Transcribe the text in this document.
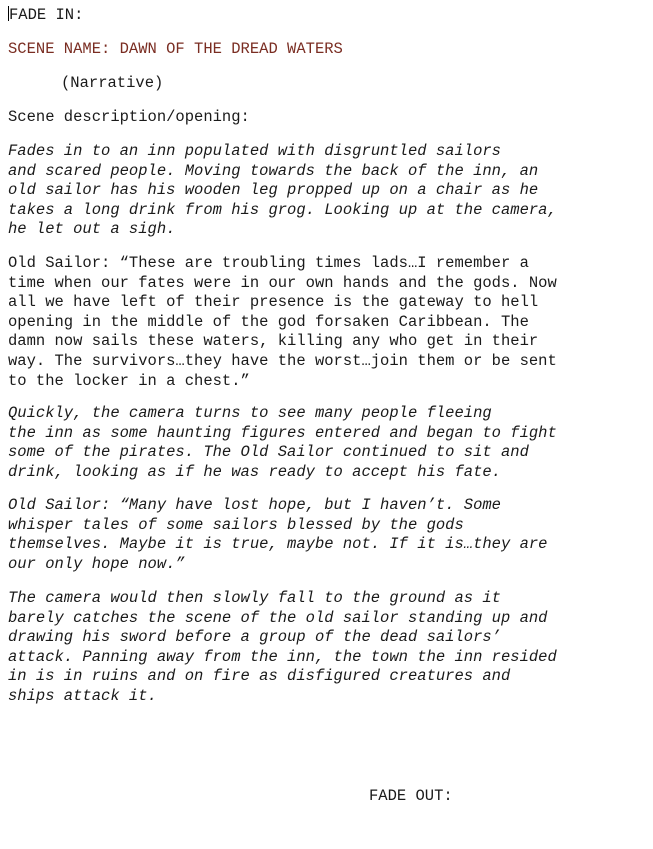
FADE IN:
SCENE NAME: DAWN OF THE DREAD WATERS
(Narrative)
Scene description/opening:

Fades in to an inn populated with disgruntled sailors
and scared people. Moving towards the back of the inn, an
old sailor has his wooden leg propped up on a chair as he
takes a long drink from his grog. Looking up at the camera,
he let out a sigh.

Old Sailor: “These are troubling times lads…I remember a
time when our fates were in our own hands and the gods. Now
all we have left of their presence is the gateway to hell
opening in the middle of the god forsaken Caribbean. The
damn now sails these waters, killing any who get in their
way. The survivors…they have the worst…join them or be sent
to the locker in a chest.”

Quickly, the camera turns to see many people fleeing
the inn as some haunting figures entered and began to fight
some of the pirates. The Old Sailor continued to sit and
drink, looking as if he was ready to accept his fate.

Old Sailor: “Many have lost hope, but I haven’t. Some
whisper tales of some sailors blessed by the gods
themselves. Maybe it is true, maybe not. If it is…they are
our only hope now.”

The camera would then slowly fall to the ground as it
barely catches the scene of the old sailor standing up and
drawing his sword before a group of the dead sailors’
attack. Panning away from the inn, the town the inn resided
in is in ruins and on fire as disfigured creatures and
ships attack it.

FADE OUT:
